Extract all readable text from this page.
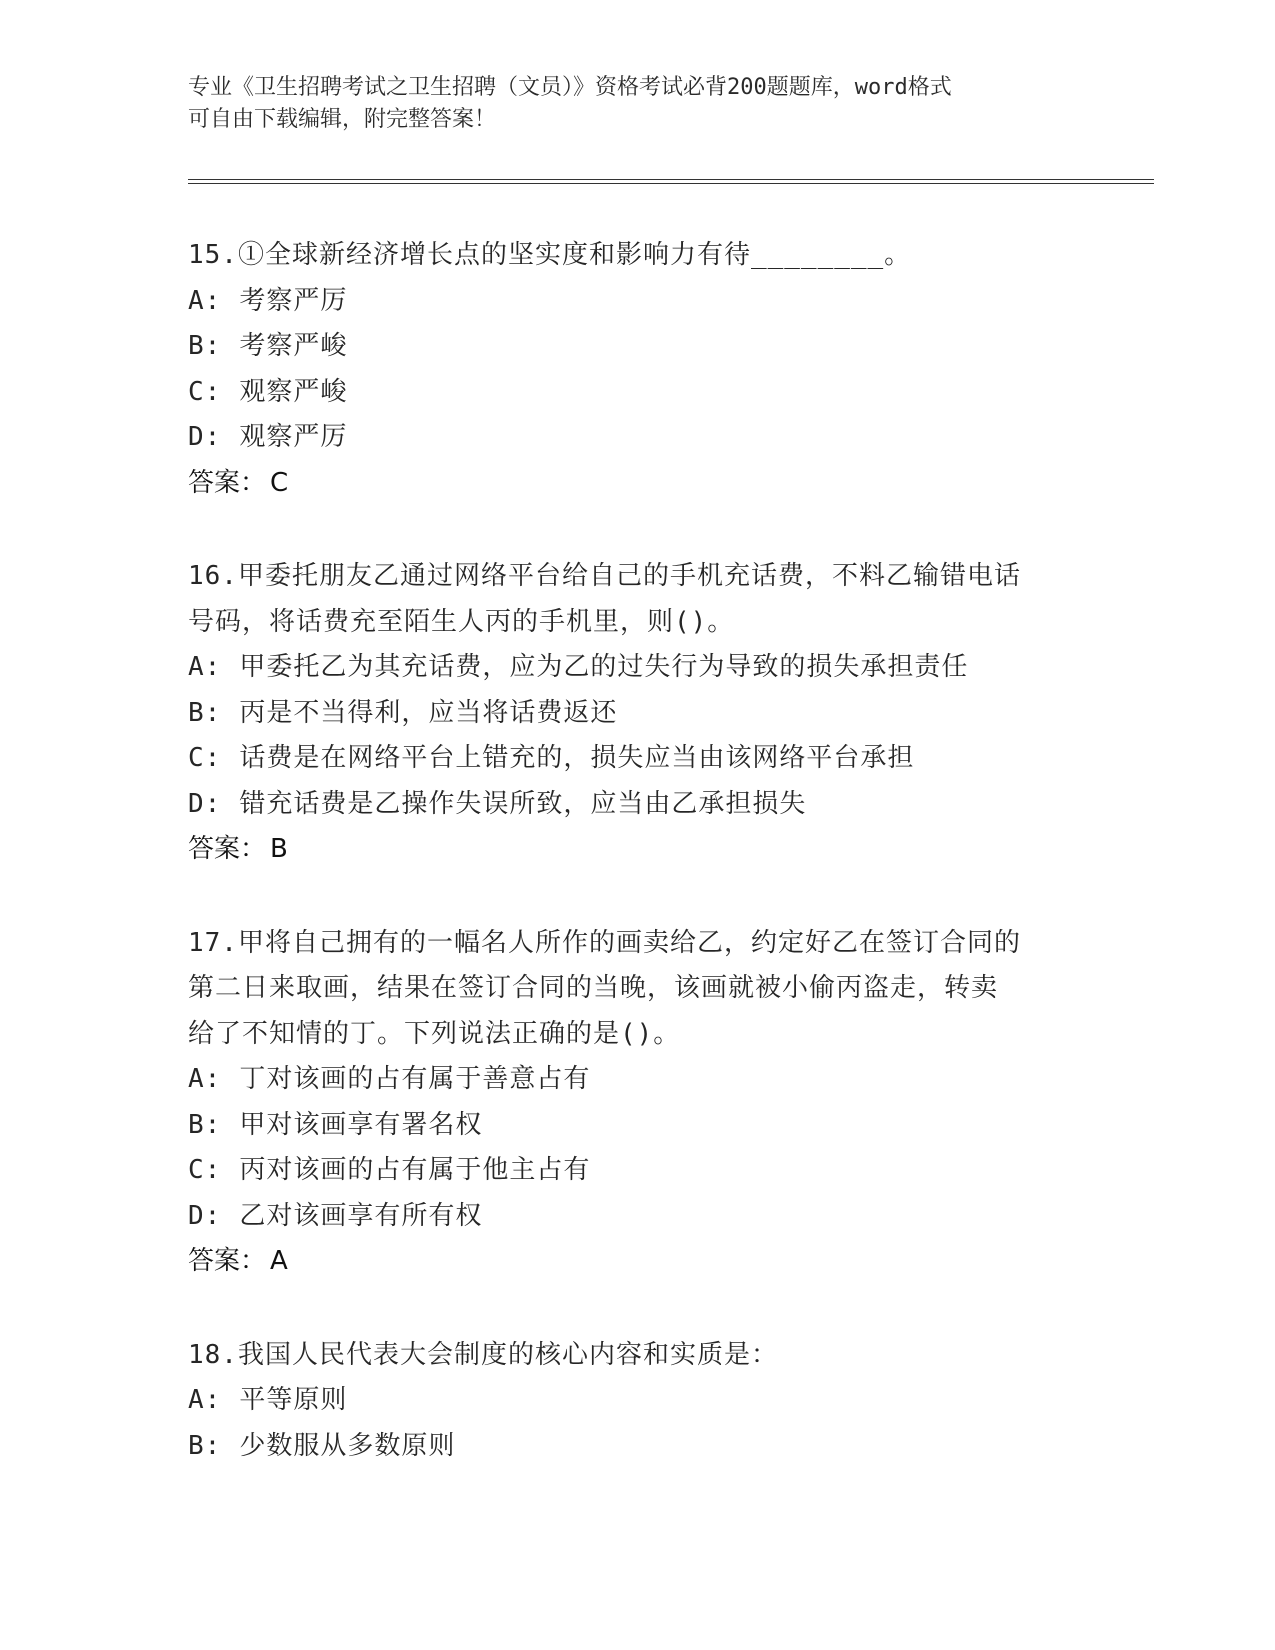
专业《卫生招聘考试之卫生招聘（文员）》资格考试必背200题题库，word格式
可自由下载编辑，附完整答案！
15.①全球新经济增长点的坚实度和影响力有待________。
A: 考察严厉
B: 考察严峻
C: 观察严峻
D: 观察严厉
答案： C
16.甲委托朋友乙通过网络平台给自己的手机充话费，不料乙输错电话
号码，将话费充至陌生人丙的手机里，则()。
A: 甲委托乙为其充话费，应为乙的过失行为导致的损失承担责任
B: 丙是不当得利，应当将话费返还
C: 话费是在网络平台上错充的，损失应当由该网络平台承担
D: 错充话费是乙操作失误所致，应当由乙承担损失
答案： B
17.甲将自己拥有的一幅名人所作的画卖给乙，约定好乙在签订合同的
第二日来取画，结果在签订合同的当晚，该画就被小偷丙盗走，转卖
给了不知情的丁。下列说法正确的是()。
A: 丁对该画的占有属于善意占有
B: 甲对该画享有署名权
C: 丙对该画的占有属于他主占有
D: 乙对该画享有所有权
答案： A
18.我国人民代表大会制度的核心内容和实质是：
A: 平等原则
B: 少数服从多数原则
